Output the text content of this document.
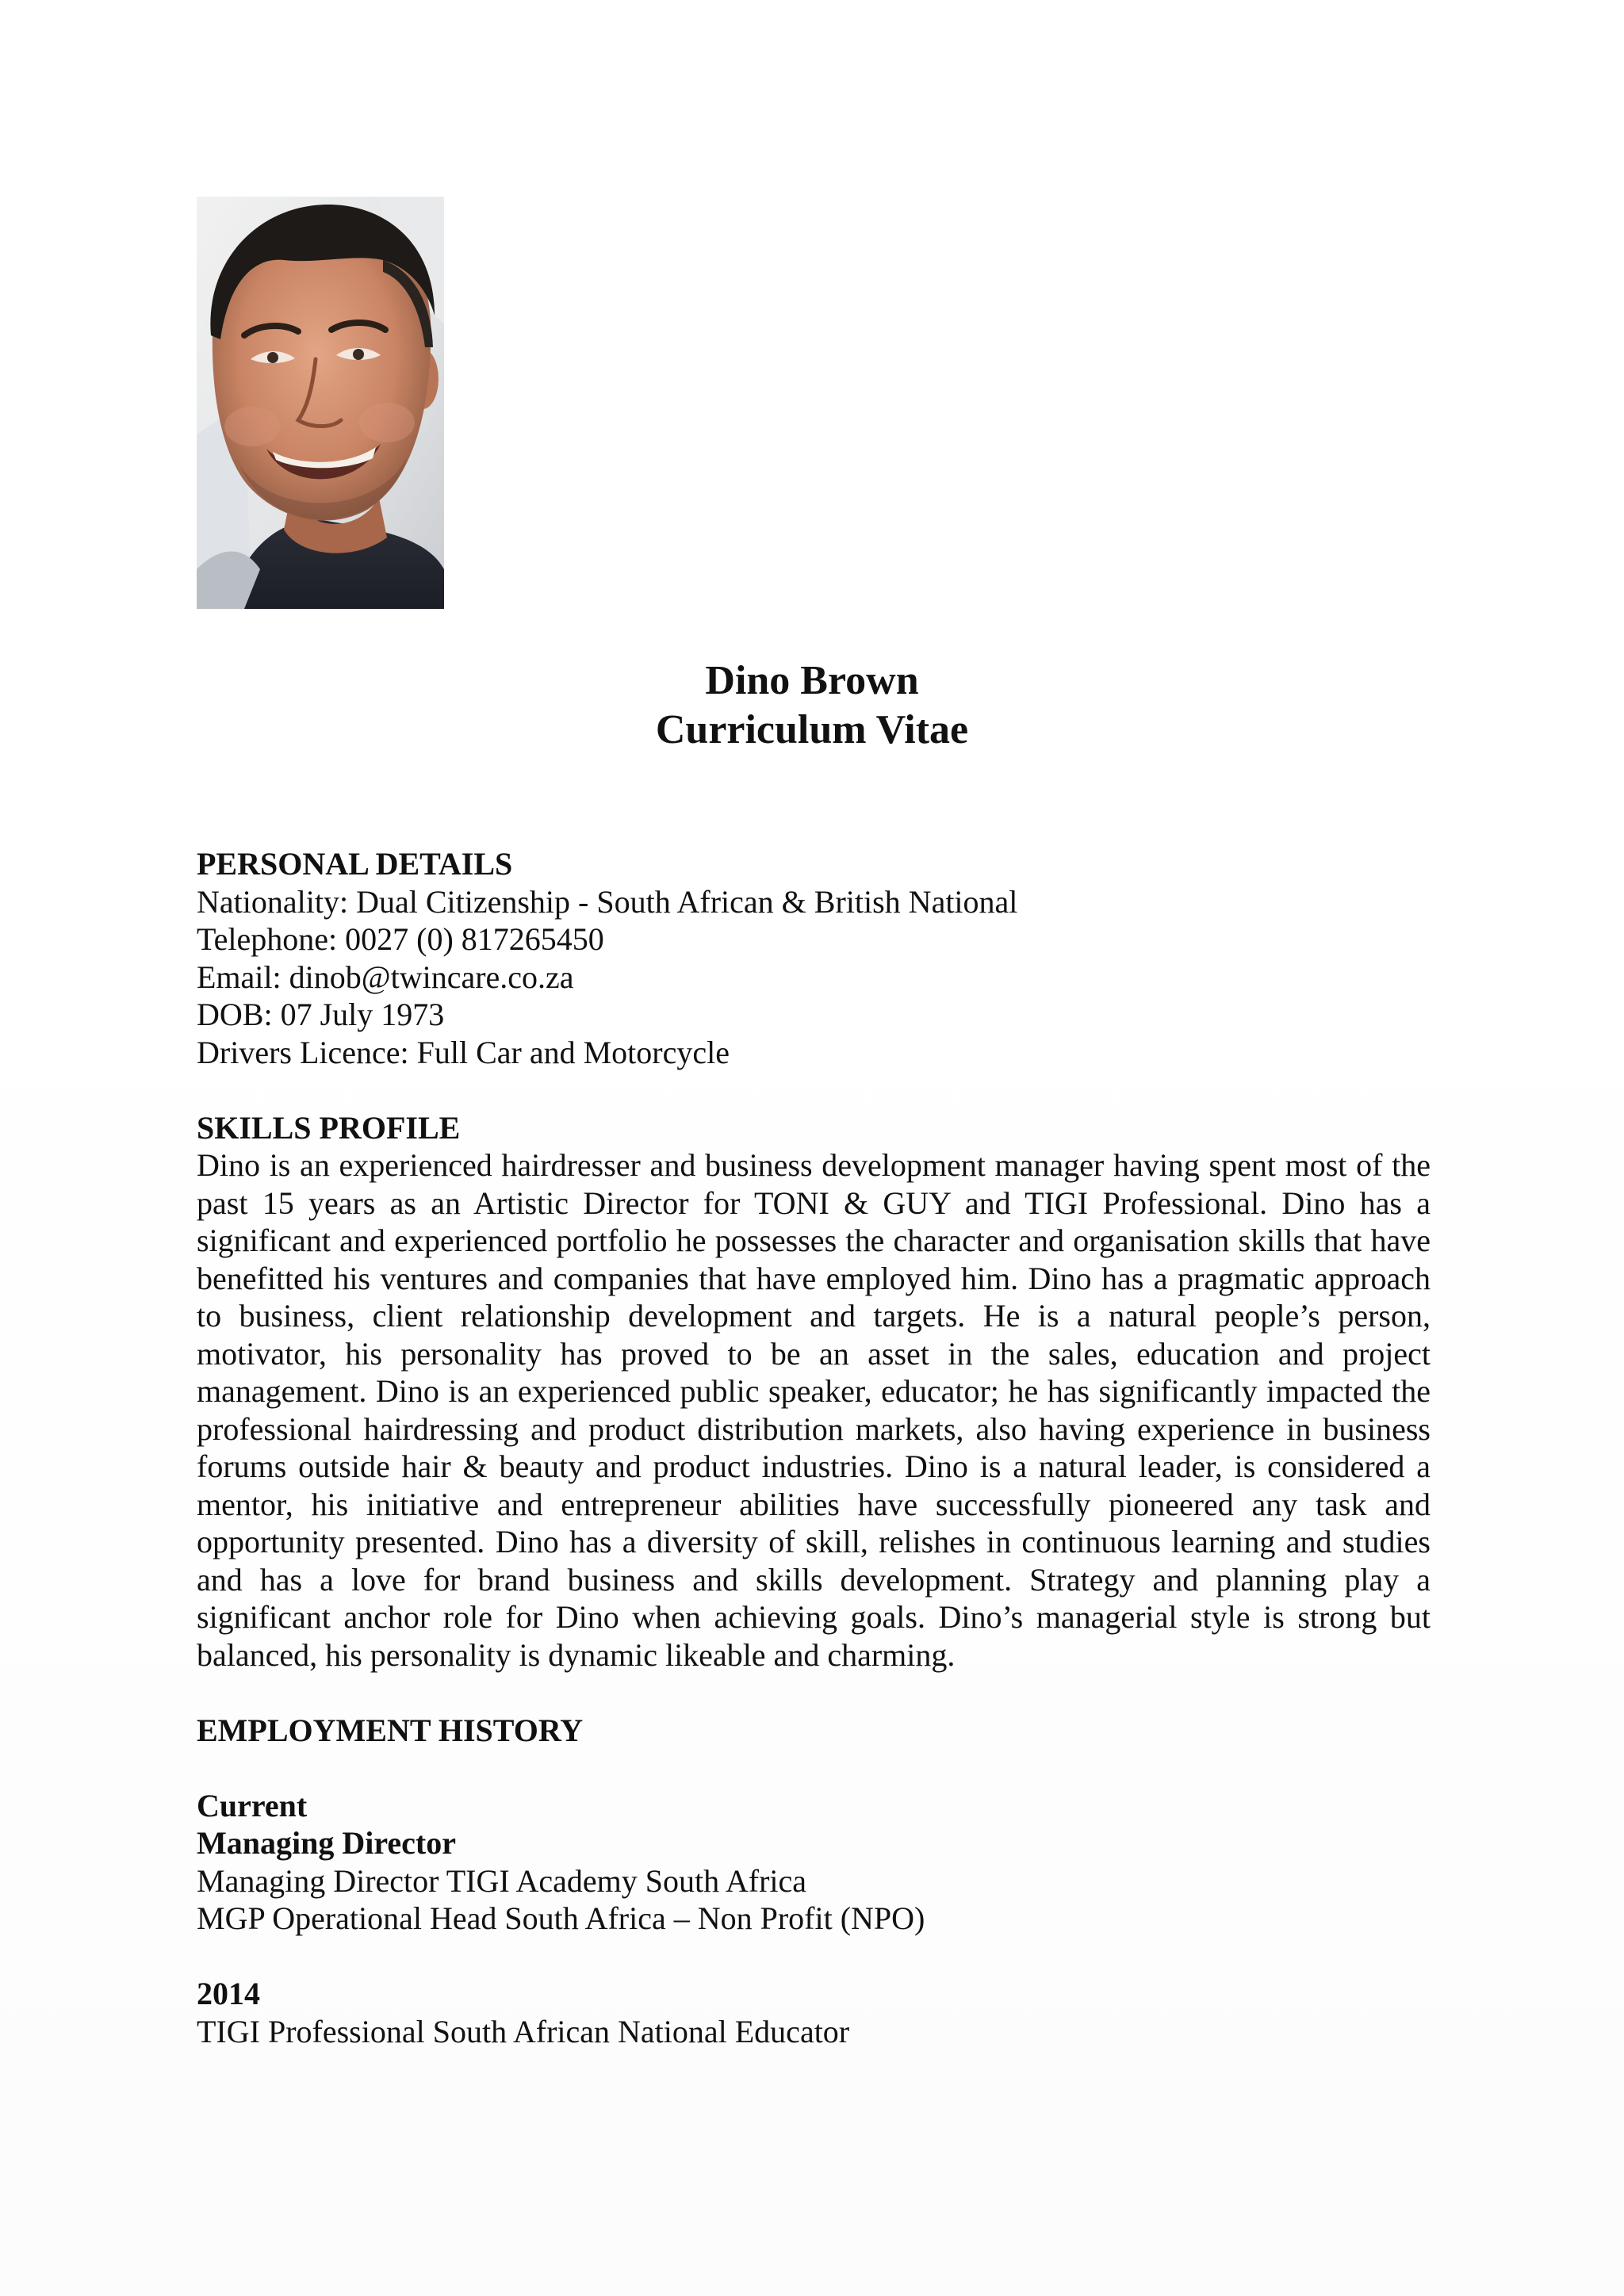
Dino Brown
Curriculum Vitae
PERSONAL DETAILS
Nationality: Dual Citizenship - South African & British National
Telephone: 0027 (0) 817265450
Email: dinob@twincare.co.za
DOB: 07 July 1973
Drivers Licence: Full Car and Motorcycle
SKILLS PROFILE
Dino is an experienced hairdresser and business development manager having spent most of the past 15 years as an Artistic Director for TONI & GUY and TIGI Professional. Dino has a significant and experienced portfolio he possesses the character and organisation skills that have benefitted his ventures and companies that have employed him. Dino has a pragmatic approach to business, client relationship development and targets. He is a natural people’s person, motivator, his personality has proved to be an asset in the sales, education and project management. Dino is an experienced public speaker, educator; he has significantly impacted the professional hairdressing and product distribution markets, also having experience in business forums outside hair & beauty and product industries. Dino is a natural leader, is considered a mentor, his initiative and entrepreneur abilities have successfully pioneered any task and opportunity presented. Dino has a diversity of skill, relishes in continuous learning and studies and has a love for brand business and skills development. Strategy and planning play a significant anchor role for Dino when achieving goals. Dino’s managerial style is strong but balanced, his personality is dynamic likeable and charming.
EMPLOYMENT HISTORY
Current
Managing Director
Managing Director TIGI Academy South Africa
MGP Operational Head South Africa – Non Profit (NPO)
2014
TIGI Professional South African National Educator
